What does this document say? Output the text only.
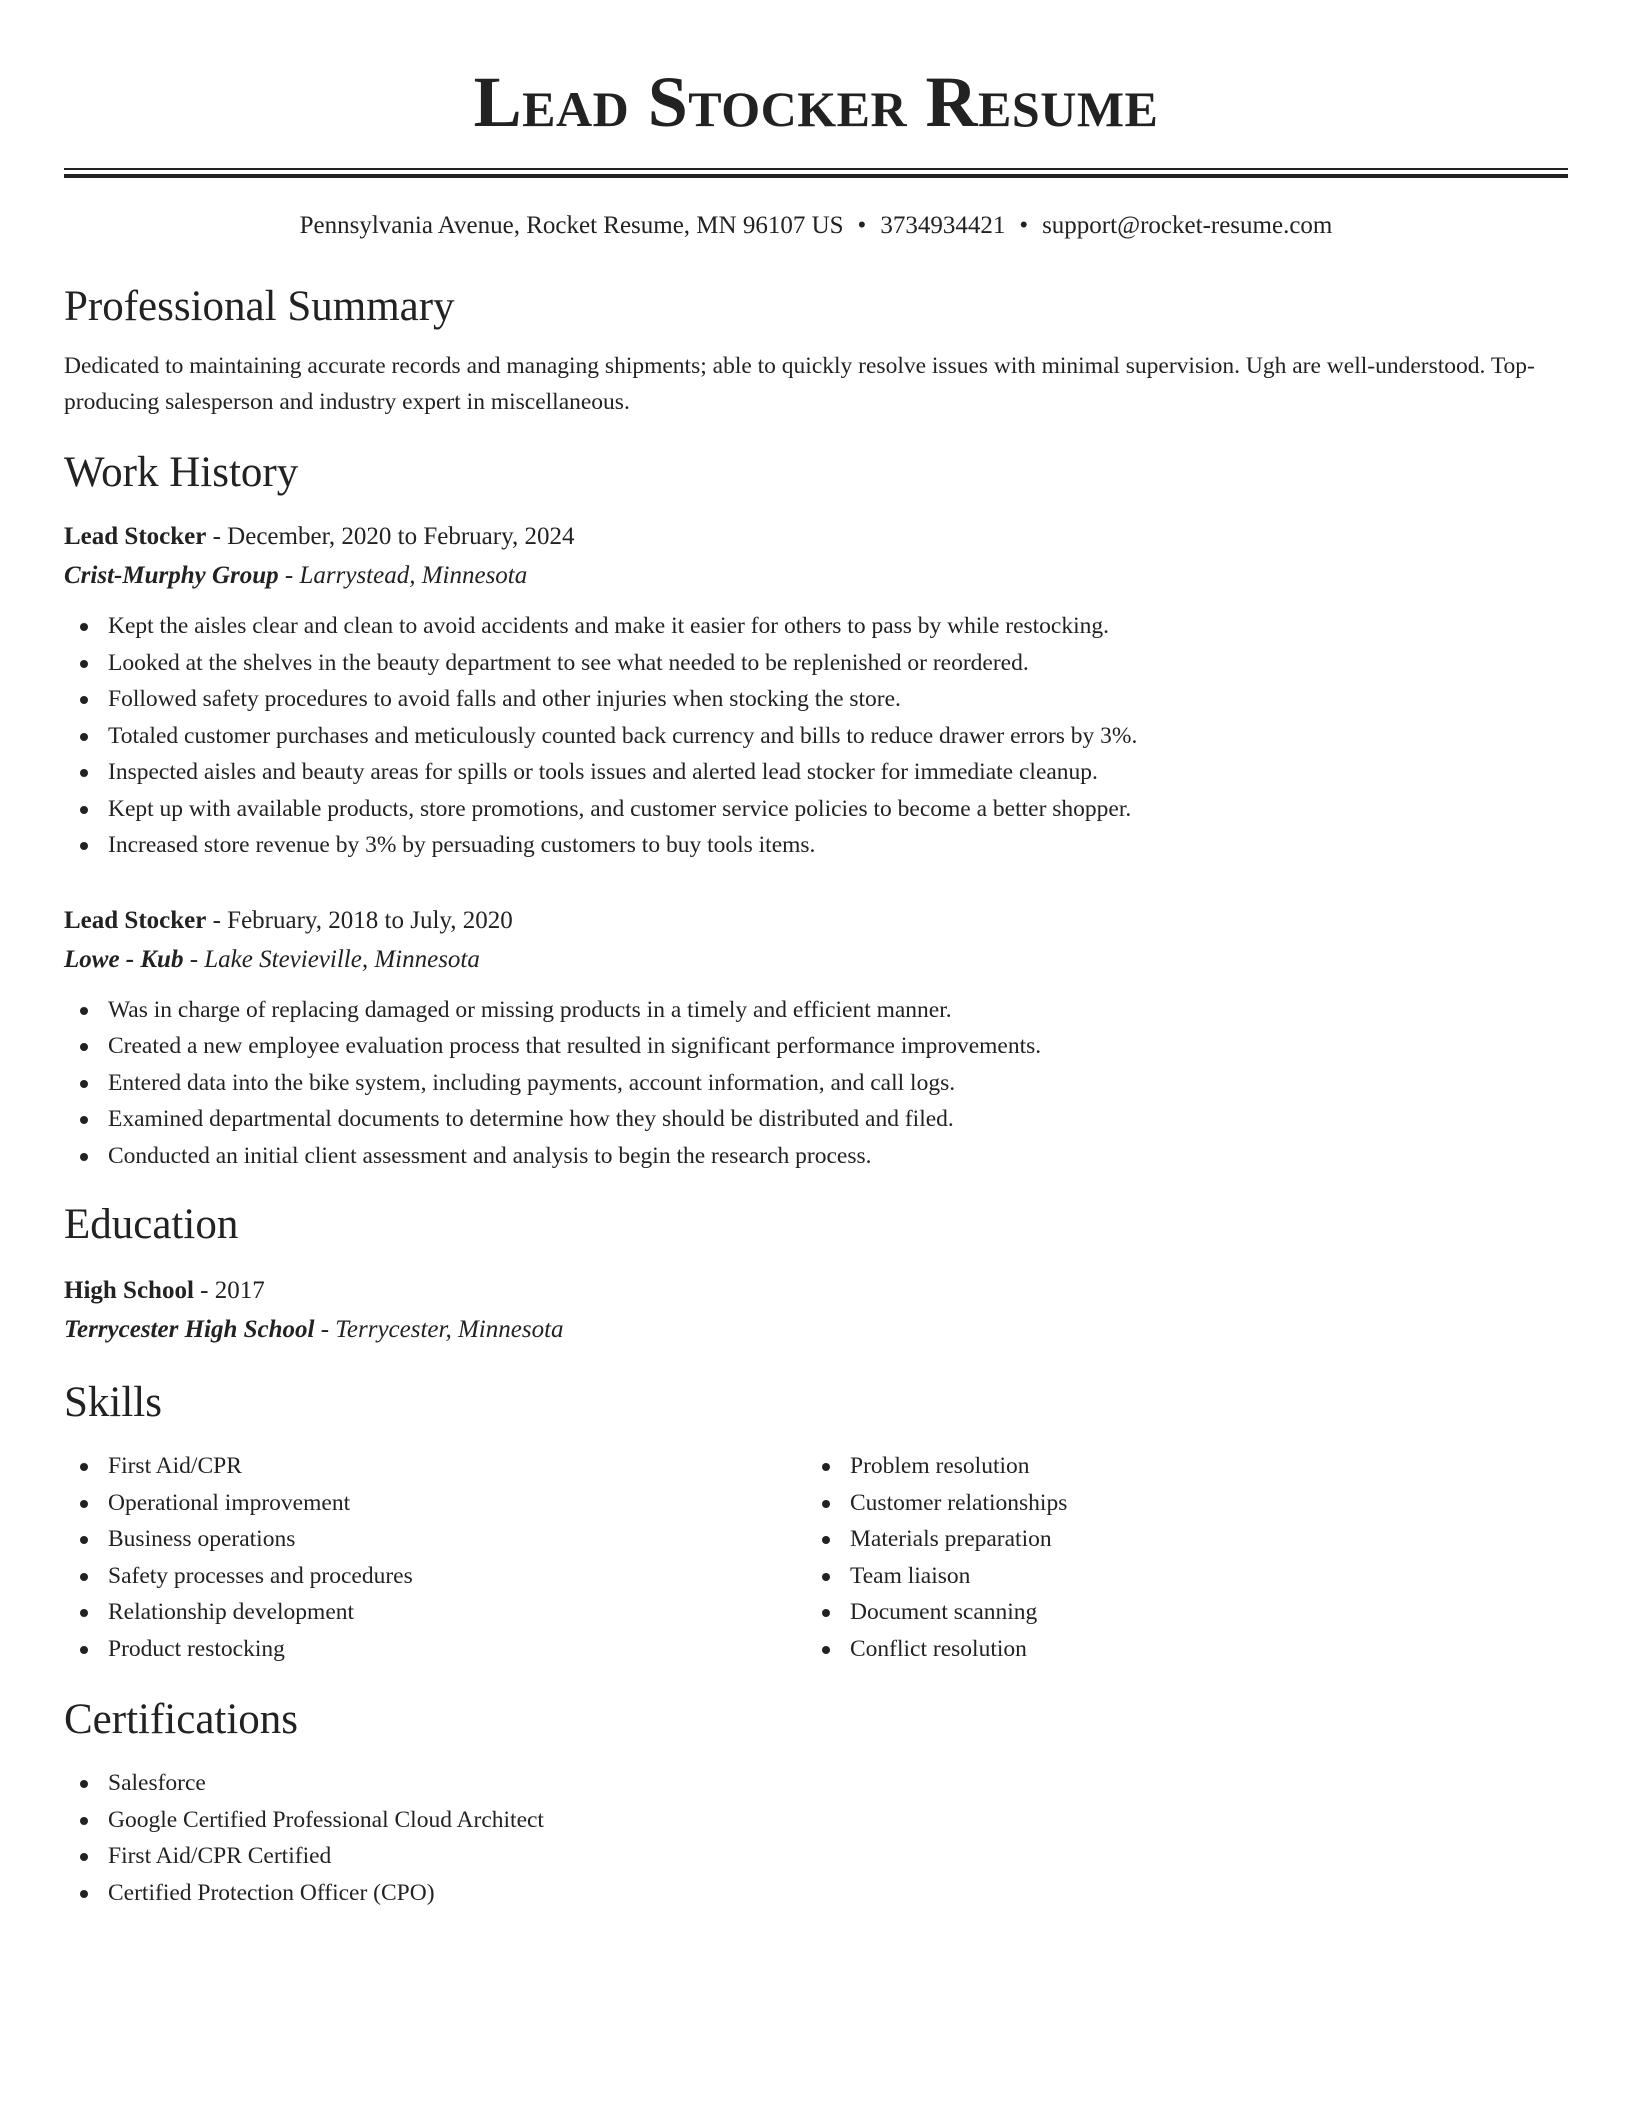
Lead Stocker Resume
Pennsylvania Avenue, Rocket Resume, MN 96107 US • 3734934421 • support@rocket-resume.com
Professional Summary

Dedicated to maintaining accurate records and managing shipments; able to quickly resolve issues with minimal supervision. Ugh are well-understood. Top-producing salesperson and industry expert in miscellaneous.

Work History
Lead Stocker - December, 2020 to February, 2024
Crist-Murphy Group - Larrystead, Minnesota
Kept the aisles clear and clean to avoid accidents and make it easier for others to pass by while restocking.
Looked at the shelves in the beauty department to see what needed to be replenished or reordered.
Followed safety procedures to avoid falls and other injuries when stocking the store.
Totaled customer purchases and meticulously counted back currency and bills to reduce drawer errors by 3%.
Inspected aisles and beauty areas for spills or tools issues and alerted lead stocker for immediate cleanup.
Kept up with available products, store promotions, and customer service policies to become a better shopper.
Increased store revenue by 3% by persuading customers to buy tools items.
Lead Stocker - February, 2018 to July, 2020
Lowe - Kub - Lake Stevieville, Minnesota
Was in charge of replacing damaged or missing products in a timely and efficient manner.
Created a new employee evaluation process that resulted in significant performance improvements.
Entered data into the bike system, including payments, account information, and call logs.
Examined departmental documents to determine how they should be distributed and filed.
Conducted an initial client assessment and analysis to begin the research process.
Education
High School - 2017
Terrycester High School - Terrycester, Minnesota
Skills
First Aid/CPR
Operational improvement
Business operations
Safety processes and procedures
Relationship development
Product restocking
Problem resolution
Customer relationships
Materials preparation
Team liaison
Document scanning
Conflict resolution
Certifications
Salesforce
Google Certified Professional Cloud Architect
First Aid/CPR Certified
Certified Protection Officer (CPO)
